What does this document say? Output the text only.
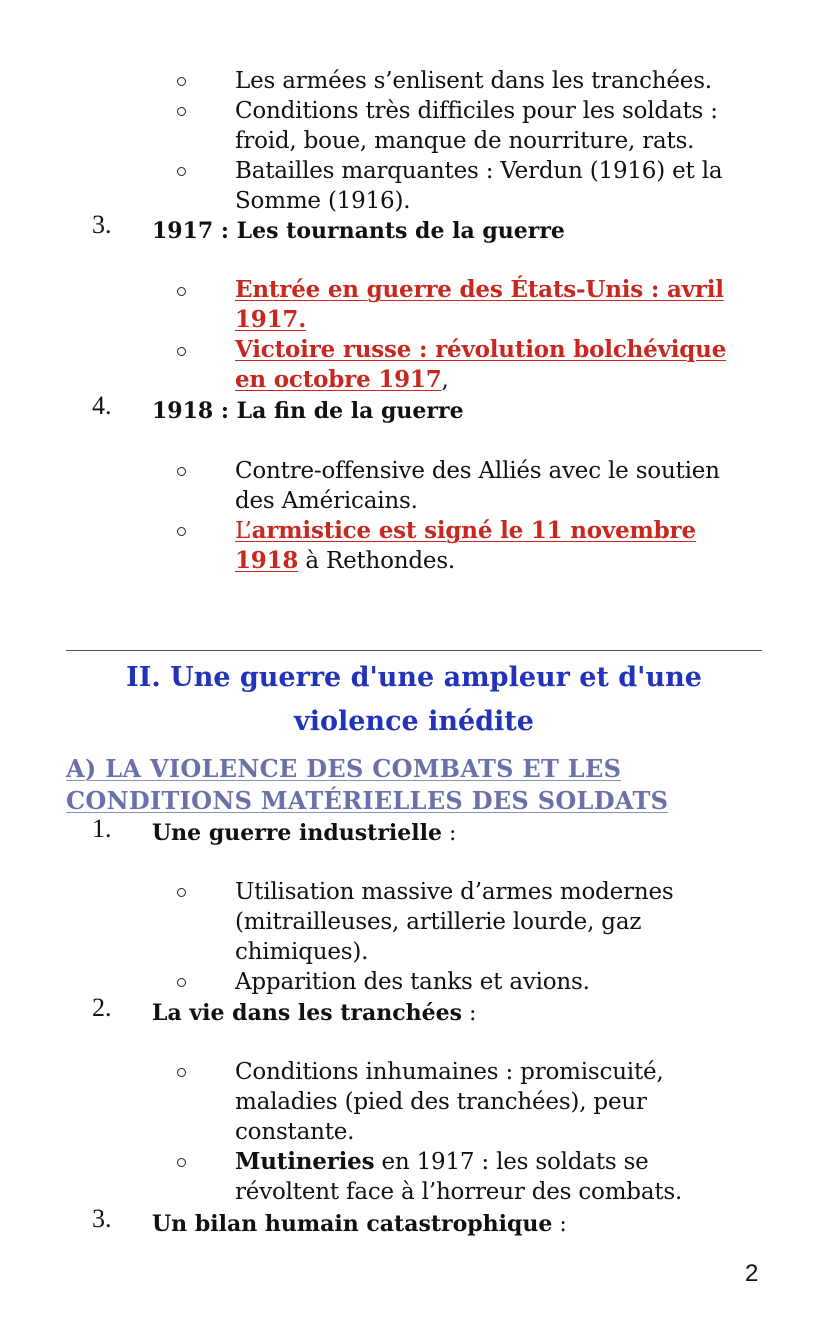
Les armées s’enlisent dans les tranchées.
Conditions très difficiles pour les soldats :
froid, boue, manque de nourriture, rats.
Batailles marquantes : Verdun (1916) et la
Somme (1916).
3. 1917 : Les tournants de la guerre
Entrée en guerre des États-Unis : avril
1917.
Victoire russe : révolution bolchévique
en octobre 1917,
4. 1918 : La fin de la guerre
Contre-offensive des Alliés avec le soutien
des Américains.
L’armistice est signé le 11 novembre
1918 à Rethondes.
II. Une guerre d'une ampleur et d'une
violence inédite
A) LA VIOLENCE DES COMBATS ET LES
CONDITIONS MATÉRIELLES DES SOLDATS
1. Une guerre industrielle :
Utilisation massive d’armes modernes
(mitrailleuses, artillerie lourde, gaz
chimiques).
Apparition des tanks et avions.
2. La vie dans les tranchées :
Conditions inhumaines : promiscuité,
maladies (pied des tranchées), peur
constante.
Mutineries en 1917 : les soldats se
révoltent face à l’horreur des combats.
3. Un bilan humain catastrophique :
2
